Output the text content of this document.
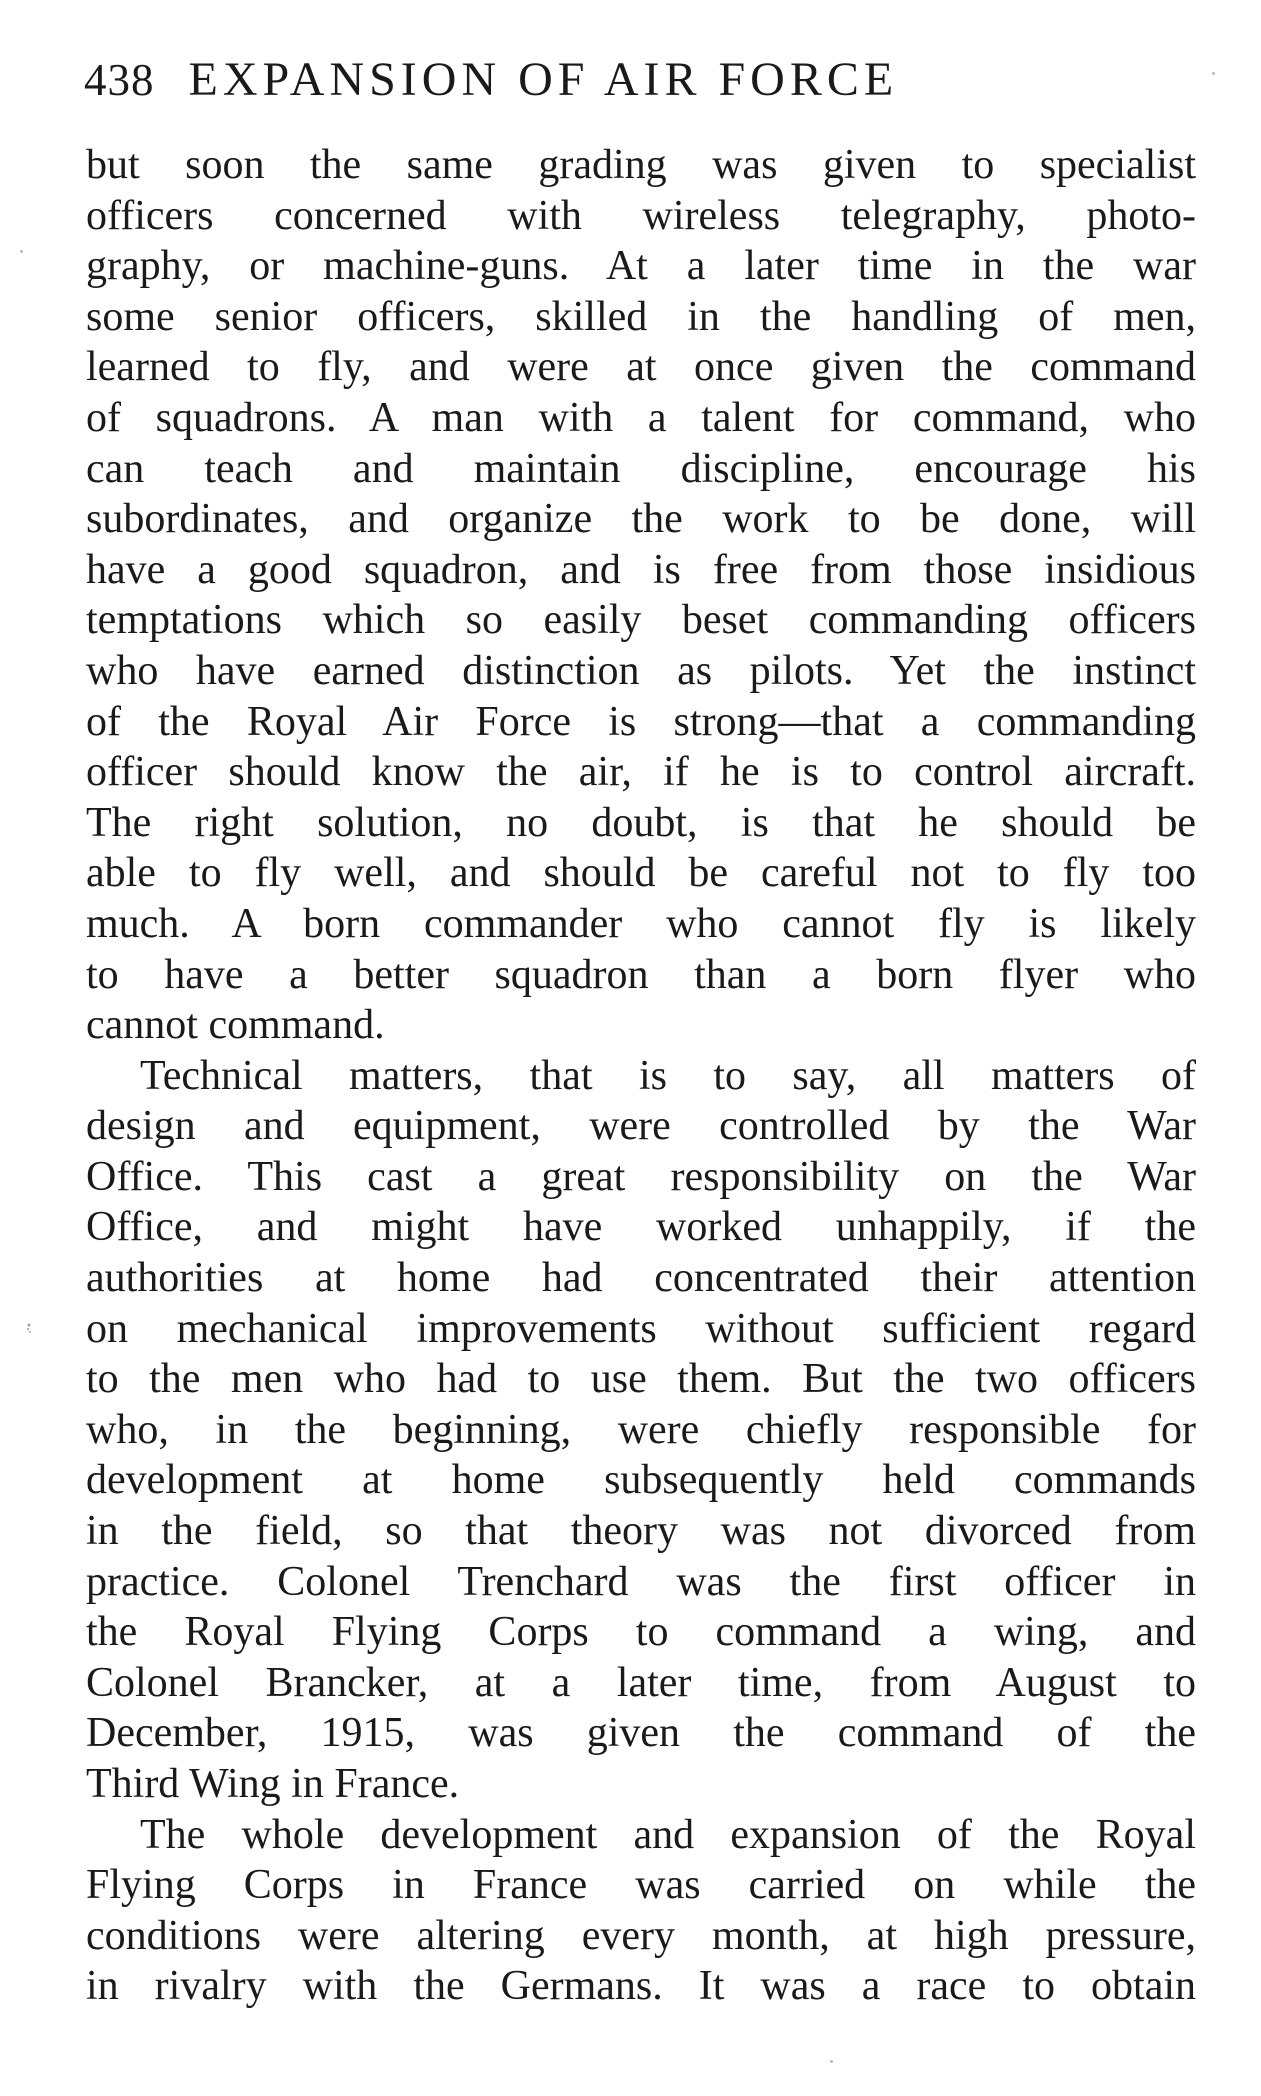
438 EXPANSION OF AIR FORCE
but soon the same grading was given to specialist
officers concerned with wireless telegraphy, photo-
graphy, or machine-guns. At a later time in the war
some senior officers, skilled in the handling of men,
learned to fly, and were at once given the command
of squadrons. A man with a talent for command, who
can teach and maintain discipline, encourage his
subordinates, and organize the work to be done, will
have a good squadron, and is free from those insidious
temptations which so easily beset commanding officers
who have earned distinction as pilots. Yet the instinct
of the Royal Air Force is strong—that a commanding
officer should know the air, if he is to control aircraft.
The right solution, no doubt, is that he should be
able to fly well, and should be careful not to fly too
much. A born commander who cannot fly is likely
to have a better squadron than a born flyer who
cannot command.
Technical matters, that is to say, all matters of
design and equipment, were controlled by the War
Office. This cast a great responsibility on the War
Office, and might have worked unhappily, if the
authorities at home had concentrated their attention
on mechanical improvements without sufficient regard
to the men who had to use them. But the two officers
who, in the beginning, were chiefly responsible for
development at home subsequently held commands
in the field, so that theory was not divorced from
practice. Colonel Trenchard was the first officer in
the Royal Flying Corps to command a wing, and
Colonel Brancker, at a later time, from August to
December, 1915, was given the command of the
Third Wing in France.
The whole development and expansion of the Royal
Flying Corps in France was carried on while the
conditions were altering every month, at high pressure,
in rivalry with the Germans. It was a race to obtain
